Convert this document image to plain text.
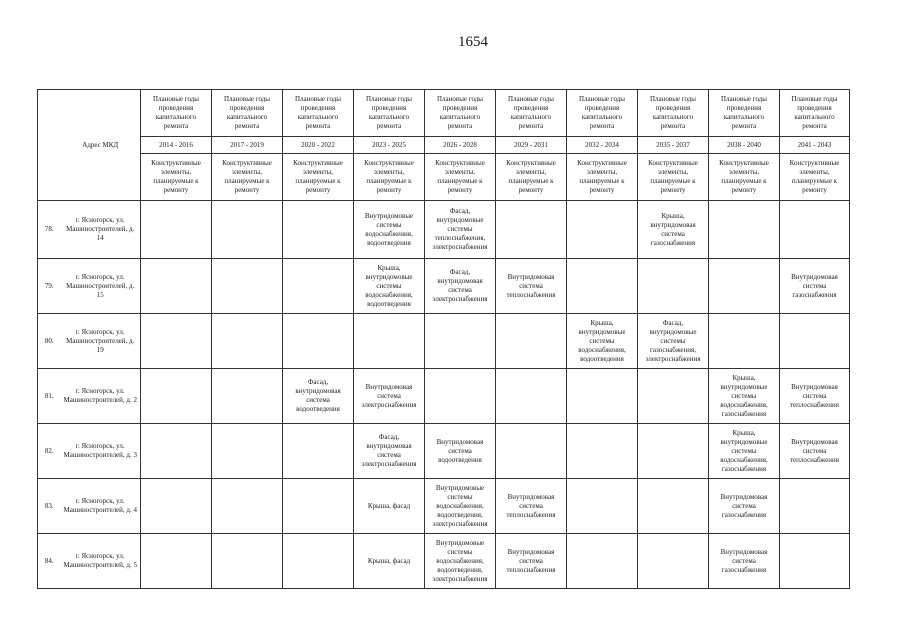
1654
	Адрес МКД	Плановые годы проведения капитального ремонта	Плановые годы проведения капитального ремонта	Плановые годы проведения капитального ремонта	Плановые годы проведения капитального ремонта	Плановые годы проведения капитального ремонта	Плановые годы проведения капитального ремонта	Плановые годы проведения капитального ремонта	Плановые годы проведения капитального ремонта	Плановые годы проведения капитального ремонта	Плановые годы проведения капитального ремонта
		2014 - 2016	2017 - 2019	2020 - 2022	2023 - 2025	2026 - 2028	2029 - 2031	2032 - 2034	2035 - 2037	2038 - 2040	2041 - 2043
		Конструктивные элементы, планируемые к ремонту	Конструктивные элементы, планируемые к ремонту	Конструктивные элементы, планируемые к ремонту	Конструктивные элементы, планируемые к ремонту	Конструктивные элементы, планируемые к ремонту	Конструктивные элементы, планируемые к ремонту	Конструктивные элементы, планируемые к ремонту	Конструктивные элементы, планируемые к ремонту	Конструктивные элементы, планируемые к ремонту	Конструктивные элементы, планируемые к ремонту
78.	г. Ясногорск, ул. Машиностроителей, д. 14				Внутридомовые системы водоснабжения, водоотведения	Фасад, внутридомовые системы теплоснабжения, электроснабжения			Крыша, внутридомовая система газоснабжения		
79.	г. Ясногорск, ул. Машиностроителей, д. 15				Крыша, внутридомовые системы водоснабжения, водоотведения	Фасад, внутридомовая система электроснабжения	Внутридомовая система теплоснабжения				Внутридомовая система газоснабжения
80.	г. Ясногорск, ул. Машиностроителей, д. 19							Крыша, внутридомовые системы водоснабжения, водоотведения	Фасад, внутридомовые системы газоснабжения, электроснабжения		
81.	г. Ясногорск, ул. Машиностроителей, д. 2			Фасад, внутридомовая система водоотведения	Внутридомовая система электроснабжения					Крыша, внутридомовые системы водоснабжения, газоснабжения	Внутридомовая система теплоснабжения
82.	г. Ясногорск, ул. Машиностроителей, д. 3				Фасад, внутридомовая система электроснабжения	Внутридомовая система водоотведения				Крыша, внутридомовые системы водоснабжения, газоснабжения	Внутридомовая система теплоснабжения
83.	г. Ясногорск, ул. Машиностроителей, д. 4				Крыша, фасад	Внутридомовые системы водоснабжения, водоотведения, электроснабжения	Внутридомовая система теплоснабжения			Внутридомовая система газоснабжения	
84.	г. Ясногорск, ул. Машиностроителей, д. 5				Крыша, фасад	Внутридомовые системы водоснабжения, водоотведения, электроснабжения	Внутридомовая система теплоснабжения			Внутридомовая система газоснабжения	
